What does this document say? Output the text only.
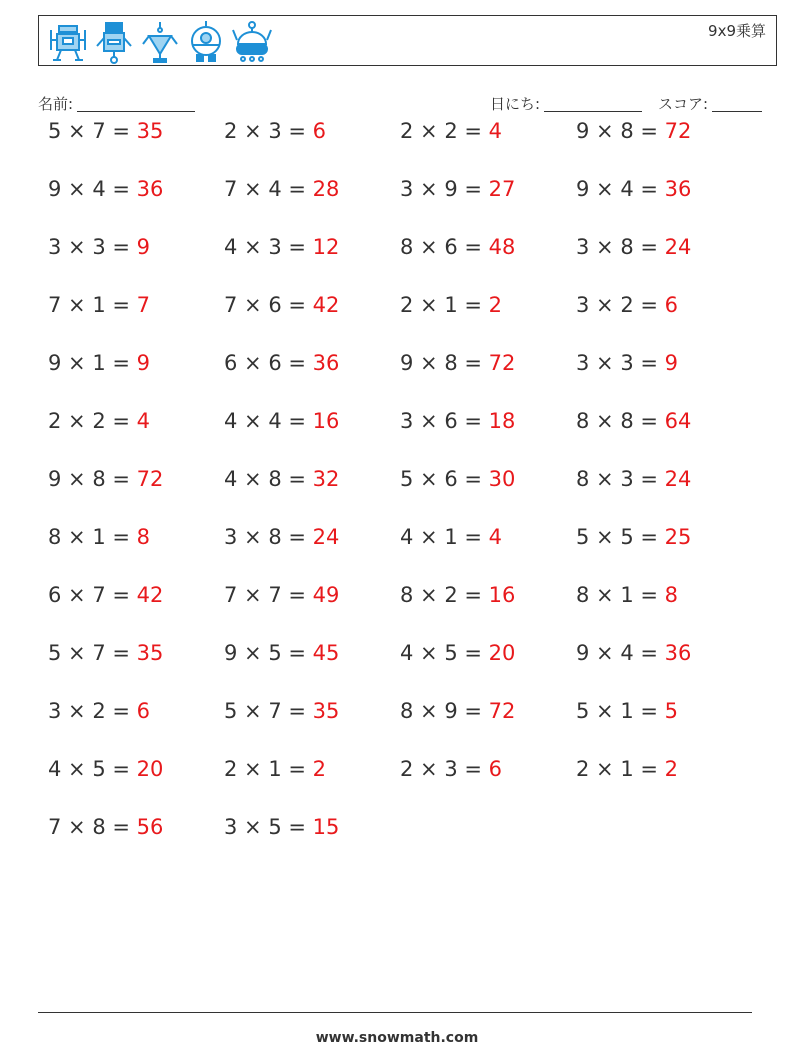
9x9乗算
名前:	日にち:	スコア:
5 × 7 = 35	2 × 3 = 6	2 × 2 = 4	9 × 8 = 72
9 × 4 = 36	7 × 4 = 28	3 × 9 = 27	9 × 4 = 36
3 × 3 = 9	4 × 3 = 12	8 × 6 = 48	3 × 8 = 24
7 × 1 = 7	7 × 6 = 42	2 × 1 = 2	3 × 2 = 6
9 × 1 = 9	6 × 6 = 36	9 × 8 = 72	3 × 3 = 9
2 × 2 = 4	4 × 4 = 16	3 × 6 = 18	8 × 8 = 64
9 × 8 = 72	4 × 8 = 32	5 × 6 = 30	8 × 3 = 24
8 × 1 = 8	3 × 8 = 24	4 × 1 = 4	5 × 5 = 25
6 × 7 = 42	7 × 7 = 49	8 × 2 = 16	8 × 1 = 8
5 × 7 = 35	9 × 5 = 45	4 × 5 = 20	9 × 4 = 36
3 × 2 = 6	5 × 7 = 35	8 × 9 = 72	5 × 1 = 5
4 × 5 = 20	2 × 1 = 2	2 × 3 = 6	2 × 1 = 2
7 × 8 = 56	3 × 5 = 15
www.snowmath.com
